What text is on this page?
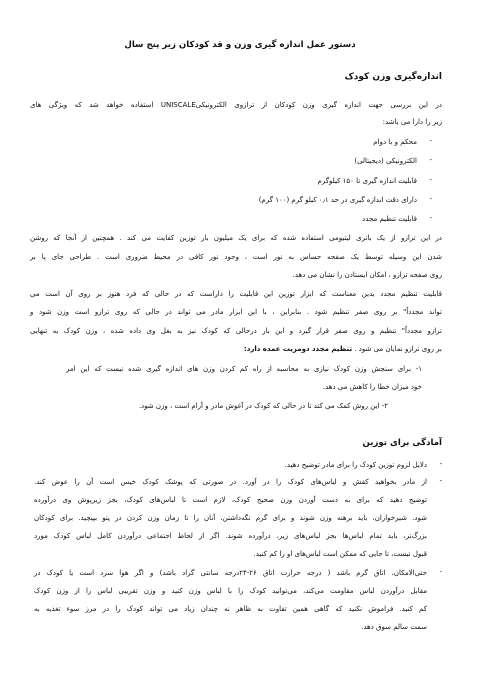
دستور عمل اندازه گیری وزن و قد کودکان زیر پنج سال
اندازه‌گیری وزن کودک
در این بررسی جهت اندازه گیری وزن کودکان از ترازوی الکترونیکیUNISCALE استفاده خواهد شد که ویژگی های
زیر را دارا می باشد:
-
محکم و با دوام
-
الکترونیکی (دیجیتالی)
-
قابلیت اندازه گیری تا ۱۵۰ کیلوگرم
-
دارای دقت اندازه گیری در حد ۰٫۱ کیلو گرم (۱۰۰ گرم)
-
قابلیت تنظیم مجدد
در این ترازو از یک باتری لیتیومی استفاده شده که برای یک میلیون بار توزین کفایت می کند . همچنین از آنجا که روشن
شدن این وسیله توسط یک صفحه حساس به نور است ، وجود نور کافی در محیط ضروری است . طراحی جای پا بر
روی صفحه ترازو ، امکان ایستادن را نشان می دهد.
قابلیت تنظیم مجدد بدین معناست که ابزار توزین این قابلیت را داراست که در حالی که فرد هنوز بر روی آن است می
تواند مجدداً" بر روی صفر تنظیم شود . بنابراین ، با این ابزار مادر می تواند در حالی که روی ترازو است وزن شود و
ترازو مجدداً" تنظیم و روی صفر قرار گیرد و این بار درحالی که کودک نیز به بغل وی داده شده ، وزن کودک به تنهایی
بر روی ترازو نمایان می شود . تنظیم مجدد دومزیت عمده دارد:
۱- برای سنجش وزن کودک نیازی به محاسبه از راه کم کردن وزن های اندازه گیری شده نیست که این امر
خود میزان خطا را کاهش می دهد.
۲- این روش کمک می کند تا در حالی که کودک در آغوش مادر و آرام است ، وزن شود.
آمادگی برای توزین
-
دلایل لزوم توزین کودک را برای مادر توضیح دهید.
-
از مادر بخواهید کفش و لباس‌های کودک را در آورد. در صورتی که پوشک کودک خیس است آن را عوض کند.
توضیح دهید که برای به دست آوردن وزن صحیح کودک، لازم است تا لباس‌های کودک، بجز زیرپوش وی درآورده
شود. شیرخواران، باید برهنه وزن شوند و برای گرم نگه‌داشتن، آنان را تا زمان وزن کردن در پتو بپیچید. برای کودکان
بزرگ‌تر، باید تمام لباس‌ها بجز لباس‌های زیر، درآورده شوند. اگر از لحاظ اجتماعی درآوردن کامل لباس کودک مورد
قبول نیست، تا جایی که ممکن است لباس‌های او را کم کنید.
-
حتی‌الامکان، اتاق گرم باشد ( درجه حرارت اتاق ۲۶-۲۴درجه سانتی گراد باشد) و اگر هوا سرد است یا کودک در
مقابل درآوردن لباس مقاومت می‌کند، می‌توانید کودک را با لباس وزن کنید و وزن تقریبی لباس را از وزن کودک
کم کنید. فراموش نکنید که گاهی همین تفاوت به ظاهر نه چندان زیاد می تواند کودک را در مرز سوء تغذیه به
سمت سالم سوق دهد.
